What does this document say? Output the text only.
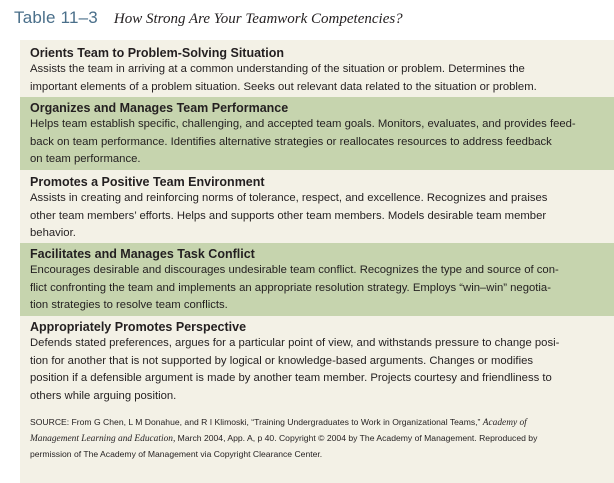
Table 11–3 How Strong Are Your Teamwork Competencies?
Orients Team to Problem-Solving Situation
Assists the team in arriving at a common understanding of the situation or problem. Determines the
important elements of a problem situation. Seeks out relevant data related to the situation or problem.
Organizes and Manages Team Performance
Helps team establish specific, challenging, and accepted team goals. Monitors, evaluates, and provides feed-
back on team performance. Identifies alternative strategies or reallocates resources to address feedback
on team performance.
Promotes a Positive Team Environment
Assists in creating and reinforcing norms of tolerance, respect, and excellence. Recognizes and praises
other team members’ efforts. Helps and supports other team members. Models desirable team member
behavior.
Facilitates and Manages Task Conflict
Encourages desirable and discourages undesirable team conflict. Recognizes the type and source of con-
flict confronting the team and implements an appropriate resolution strategy. Employs “win–win” negotia-
tion strategies to resolve team conflicts.
Appropriately Promotes Perspective
Defends stated preferences, argues for a particular point of view, and withstands pressure to change posi-
tion for another that is not supported by logical or knowledge-based arguments. Changes or modifies
position if a defensible argument is made by another team member. Projects courtesy and friendliness to
others while arguing position.
SOURCE: From G Chen, L M Donahue, and R I Klimoski, “Training Undergraduates to Work in Organizational Teams,” Academy of
Management Learning and Education, March 2004, App. A, p 40. Copyright © 2004 by The Academy of Management. Reproduced by
permission of The Academy of Management via Copyright Clearance Center.
